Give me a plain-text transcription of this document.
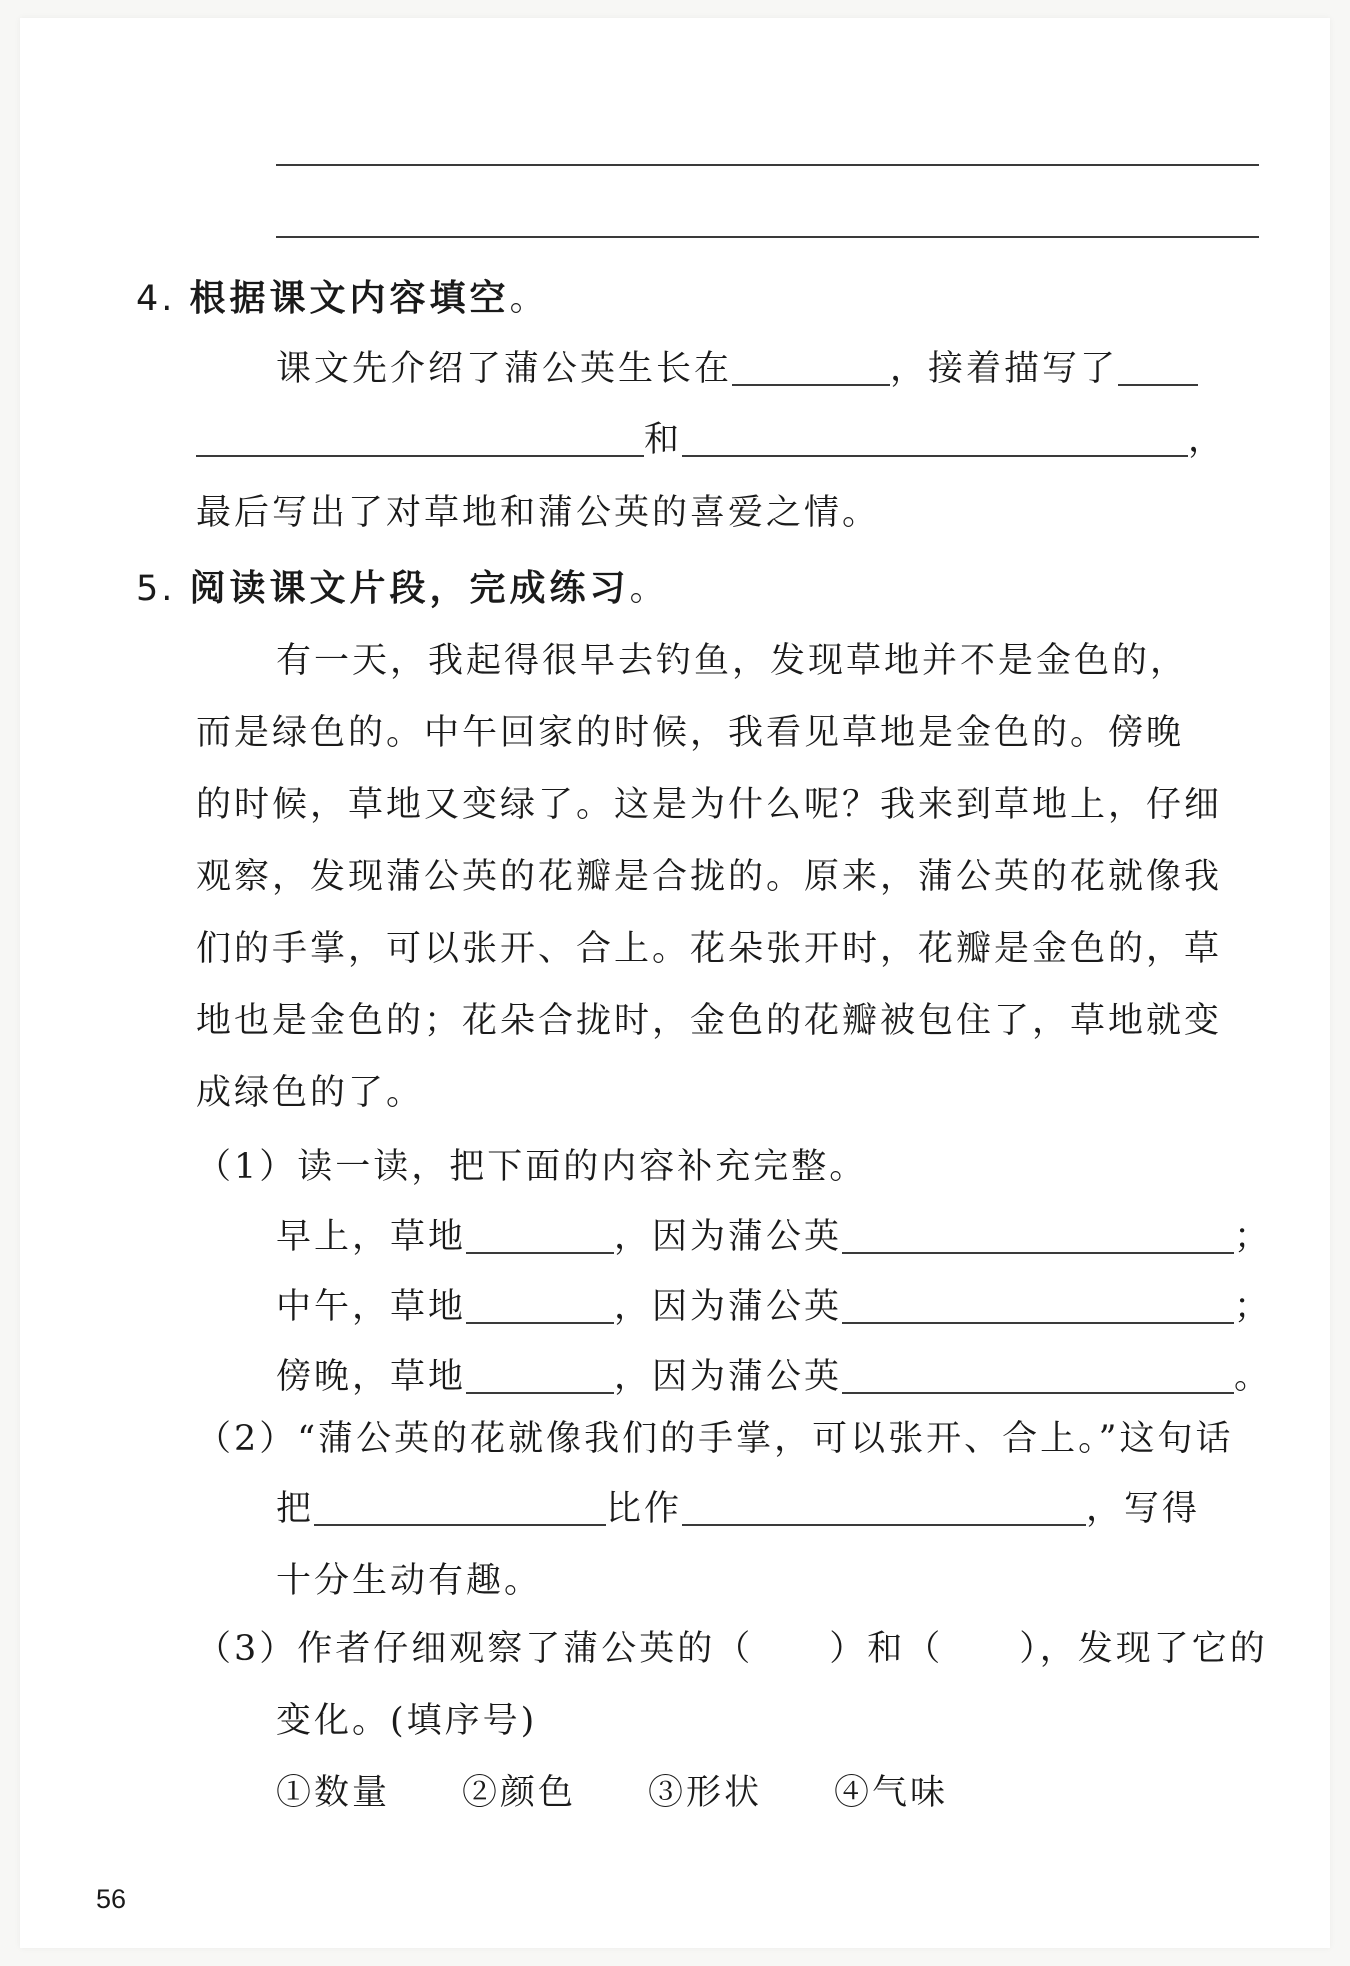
4. 根据课文内容填空。
课文先介绍了蒲公英生长在	，接着描写了
和	，
最后写出了对草地和蒲公英的喜爱之情。
5. 阅读课文片段，完成练习。
有一天，我起得很早去钓鱼，发现草地并不是金色的，
而是绿色的。中午回家的时候，我看见草地是金色的。傍晚
的时候，草地又变绿了。这是为什么呢？我来到草地上，仔细
观察，发现蒲公英的花瓣是合拢的。原来，蒲公英的花就像我
们的手掌，可以张开、合上。花朵张开时，花瓣是金色的，草
地也是金色的；花朵合拢时，金色的花瓣被包住了，草地就变
成绿色的了。
（1）读一读，把下面的内容补充完整。
早上，草地	，因为蒲公英	；
中午，草地	，因为蒲公英	；
傍晚，草地	，因为蒲公英	。
（2）“蒲公英的花就像我们的手掌，可以张开、合上。”这句话
把	比作	，写得
十分生动有趣。
（3）作者仔细观察了蒲公英的（　　）和（　　），发现了它的
变化。(填序号)
①数量 ②颜色 ③形状 ④气味
56
